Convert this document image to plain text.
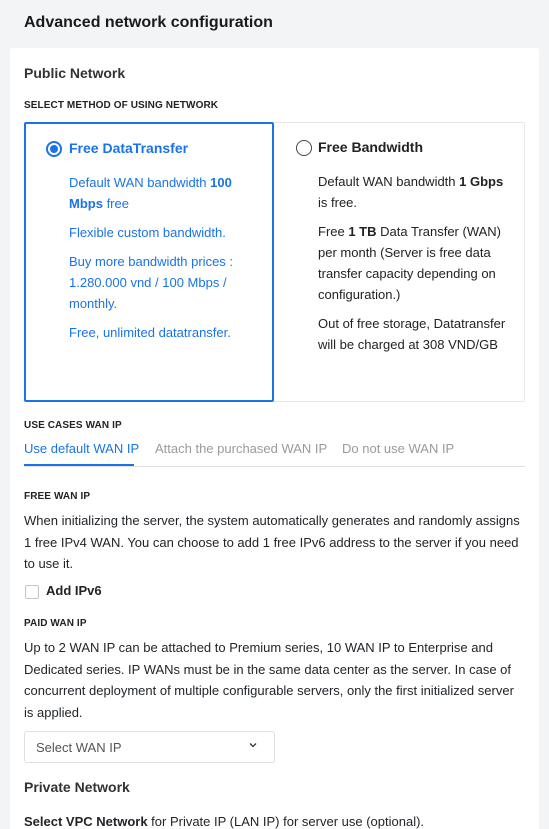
Advanced network configuration
Public Network
SELECT METHOD OF USING NETWORK
Free DataTransfer

Default WAN bandwidth 100 Mbps free

Flexible custom bandwidth.

Buy more bandwidth prices : 1.280.000 vnd / 100 Mbps / monthly.

Free, unlimited datatransfer.

Free Bandwidth

Default WAN bandwidth 1 Gbps is free.

Free 1 TB Data Transfer (WAN) per month (Server is free data transfer capacity depending on configuration.)

Out of free storage, Datatransfer will be charged at 308 VND/GB

USE CASES WAN IP
Use default WAN IP Attach the purchased WAN IP Do not use WAN IP
FREE WAN IP
When initializing the server, the system automatically generates and randomly assigns 1 free IPv4 WAN. You can choose to add 1 free IPv6 address to the server if you need to use it.
Add IPv6
PAID WAN IP
Up to 2 WAN IP can be attached to Premium series, 10 WAN IP to Enterprise and Dedicated series. IP WANs must be in the same data center as the server. In case of concurrent deployment of multiple configurable servers, only the first initialized server is applied.
Select WAN IP
Private Network
Select VPC Network for Private IP (LAN IP) for server use (optional).
